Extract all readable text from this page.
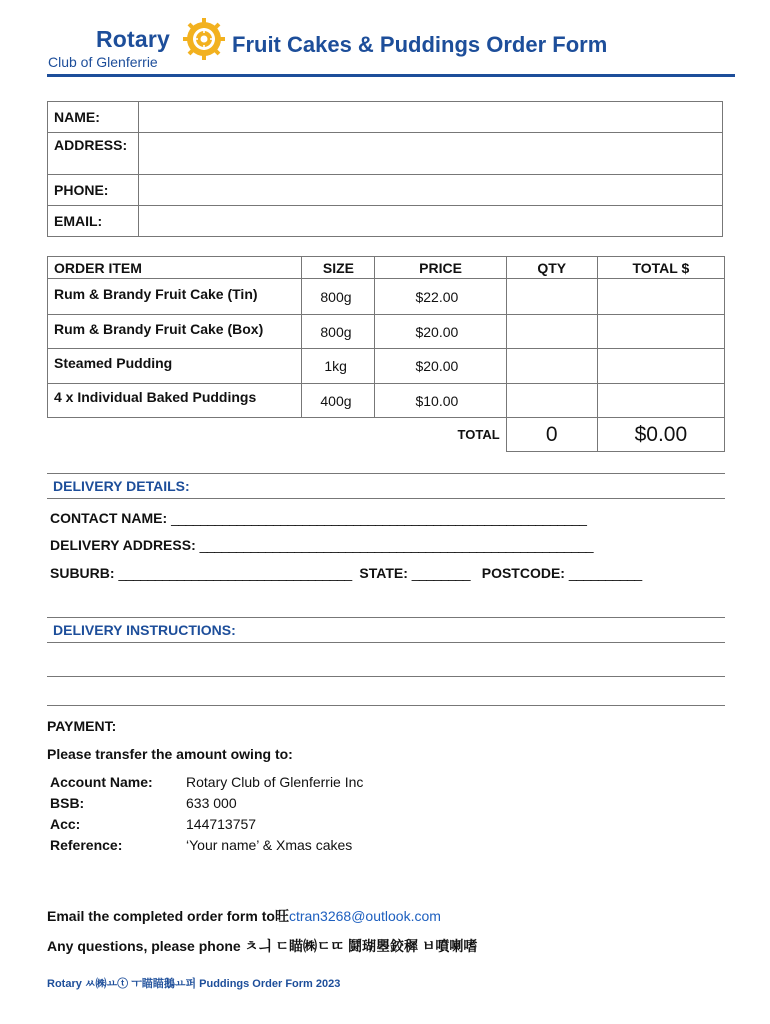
Rotary
Club of Glenferrie
Fruit Cakes & Puddings Order Form
NAME:	
ADDRESS:	
PHONE:	
EMAIL:	
ORDER ITEM	SIZE	PRICE	QTY	TOTAL $
Rum & Brandy Fruit Cake (Tin)	800g	$22.00		
Rum & Brandy Fruit Cake (Box)	800g	$20.00		
Steamed Pudding	1kg	$20.00		
4 x Individual Baked Puddings	400g	$10.00		
		TOTAL	0	$0.00
DELIVERY DETAILS:
CONTACT NAME: _________________________________________________________
DELIVERY ADDRESS: ______________________________________________________
SUBURB: ________________________________ STATE: ________ POSTCODE: __________
DELIVERY INSTRUCTIONS:
PAYMENT:
Please transfer the amount owing to:
Account Name: Rotary Club of Glenferrie Inc
BSB:	633 000
Acc:	144713757
Reference:	‘Your name’ & Xmas cakes
Email the completed order form to旺ctran3268@outlook.com
Any questions, please phone ㅊㅢ ㄷ瞄㈱ㄷㄸ 鬪瑚瞾鉸穉 ㅂ噴喇嗜
Rotary ㅆ㈱ㅛⓣ ㅜ瞄瞄鵝ㅛ퍼 Puddings Order Form 2023
